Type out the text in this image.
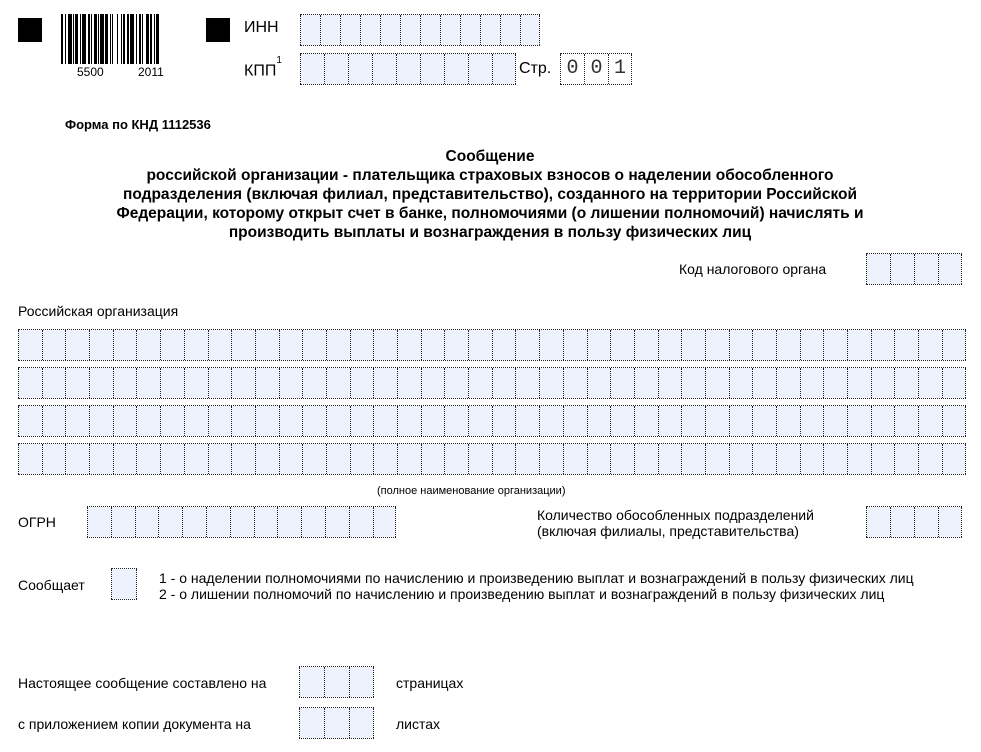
5500	2011
ИНН
КПП$^1$	Стр. 0 0 1
Форма по КНД 1112536
Сообщение
российской организации - плательщика страховых взносов о наделении обособленного
подразделения (включая филиал, представительство), созданного на территории Российской
Федерации, которому открыт счет в банке, полномочиями (о лишении полномочий) начислять и
производить выплаты и вознаграждения в пользу физических лиц
Код налогового органа
Российская организация
(полное наименование организации)
ОГРН	Количество обособленных подразделений
(включая филиалы, представительства)
Сообщает	1 - о наделении полномочиями по начислению и произведению выплат и вознаграждений в пользу физических лиц
2 - о лишении полномочий по начислению и произведению выплат и вознаграждений в пользу физических лиц
Настоящее сообщение составлено на	страницах
с приложением копии документа на	листах
